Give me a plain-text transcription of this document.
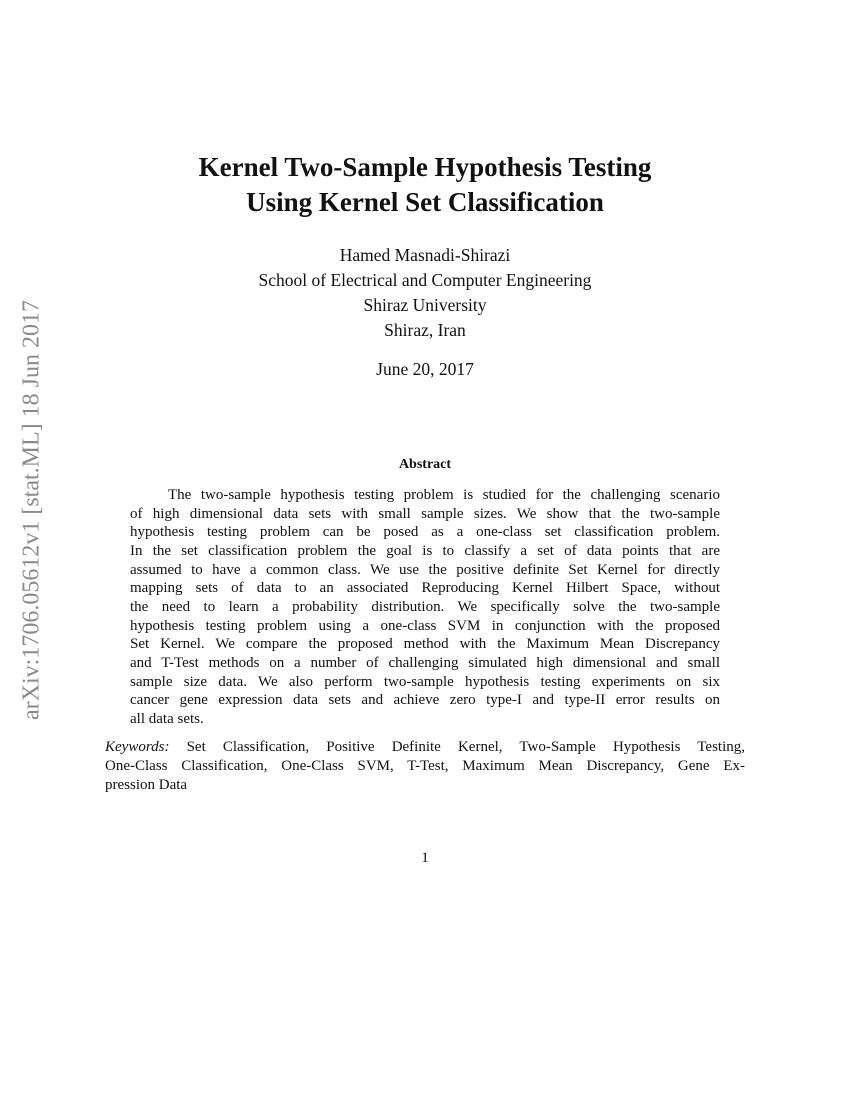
arXiv:1706.05612v1 [stat.ML] 18 Jun 2017
Kernel Two-Sample Hypothesis Testing
Using Kernel Set Classification
Hamed Masnadi-Shirazi
School of Electrical and Computer Engineering
Shiraz University
Shiraz, Iran
June 20, 2017
Abstract
The two-sample hypothesis testing problem is studied for the challenging scenario
of high dimensional data sets with small sample sizes. We show that the two-sample
hypothesis testing problem can be posed as a one-class set classification problem.
In the set classification problem the goal is to classify a set of data points that are
assumed to have a common class. We use the positive definite Set Kernel for directly
mapping sets of data to an associated Reproducing Kernel Hilbert Space, without
the need to learn a probability distribution. We specifically solve the two-sample
hypothesis testing problem using a one-class SVM in conjunction with the proposed
Set Kernel. We compare the proposed method with the Maximum Mean Discrepancy
and T-Test methods on a number of challenging simulated high dimensional and small
sample size data. We also perform two-sample hypothesis testing experiments on six
cancer gene expression data sets and achieve zero type-I and type-II error results on
all data sets.
Keywords: Set Classification, Positive Definite Kernel, Two-Sample Hypothesis Testing,
One-Class Classification, One-Class SVM, T-Test, Maximum Mean Discrepancy, Gene Ex-
pression Data
1
